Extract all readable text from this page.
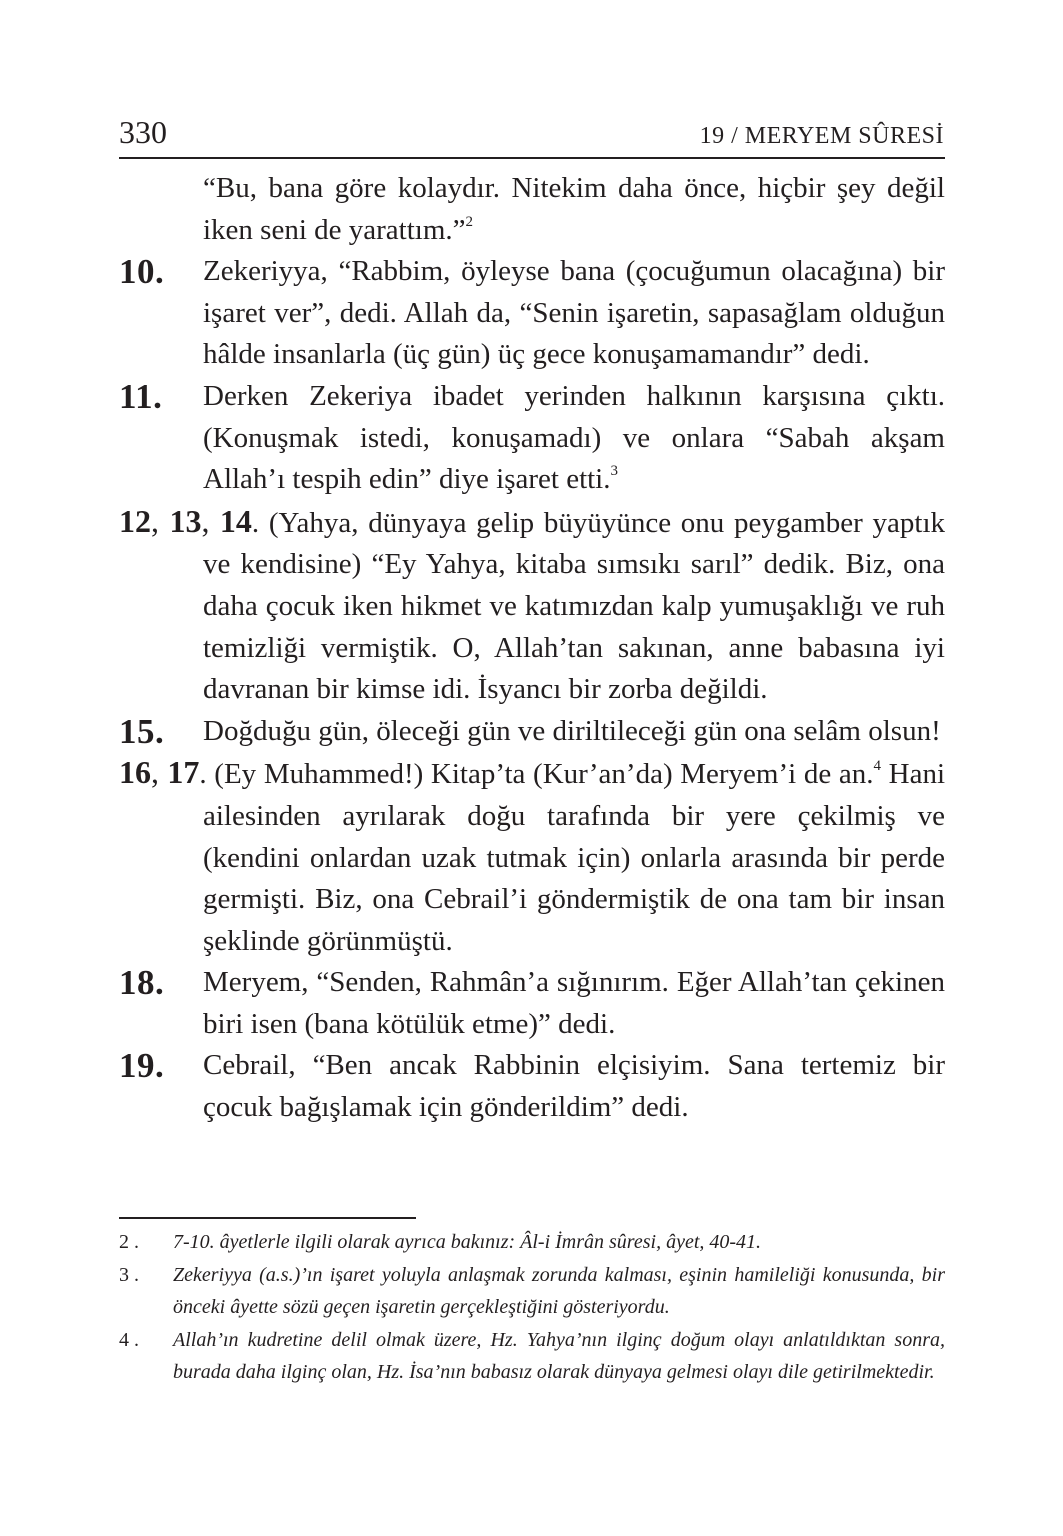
330	19 / MERYEM SÛRESİ
“Bu, bana göre kolaydır. Nitekim daha önce, hiçbir şey değil iken seni de yarattım.”$^2$
10. Zekeriyya, “Rabbim, öyleyse bana (çocuğumun olacağına) bir işaret ver”, dedi. Allah da, “Senin işaretin, sapasağlam olduğun hâlde insanlarla (üç gün) üç gece konuşamamandır” dedi.
11. Derken Zekeriya ibadet yerinden halkının karşısına çıktı. (Konuşmak istedi, konuşamadı) ve onlara “Sabah akşam Allah’ı tespih edin” diye işaret etti.$^3$
12, 13, 14. (Yahya, dünyaya gelip büyüyünce onu peygamber yaptık ve kendisine) “Ey Yahya, kitaba sımsıkı sarıl” dedik. Biz, ona daha çocuk iken hikmet ve katımızdan kalp yumuşaklığı ve ruh temizliği vermiştik. O, Allah’tan sakınan, anne babasına iyi davranan bir kimse idi. İsyancı bir zorba değildi.
15. Doğduğu gün, öleceği gün ve diriltileceği gün ona selâm olsun!
16, 17. (Ey Muhammed!) Kitap’ta (Kur’an’da) Meryem’i de an.$^4$ Hani ailesinden ayrılarak doğu tarafında bir yere çekilmiş ve (kendini onlardan uzak tutmak için) onlarla arasında bir perde germişti. Biz, ona Cebrail’i göndermiştik de ona tam bir insan şeklinde görünmüştü.
18. Meryem, “Senden, Rahmân’a sığınırım. Eğer Allah’tan çekinen biri isen (bana kötülük etme)” dedi.
19. Cebrail, “Ben ancak Rabbinin elçisiyim. Sana tertemiz bir çocuk bağışlamak için gönderildim” dedi.
2 . 7-10. âyetlerle ilgili olarak ayrıca bakınız: Âl-i İmrân sûresi, âyet, 40-41.
3 . Zekeriyya (a.s.)’ın işaret yoluyla anlaşmak zorunda kalması, eşinin hamileliği konusunda, bir önceki âyette sözü geçen işaretin gerçekleştiğini gösteriyordu.
4 . Allah’ın kudretine delil olmak üzere, Hz. Yahya’nın ilginç doğum olayı anlatıldıktan sonra, burada daha ilginç olan, Hz. İsa’nın babasız olarak dünyaya gelmesi olayı dile getirilmektedir.
